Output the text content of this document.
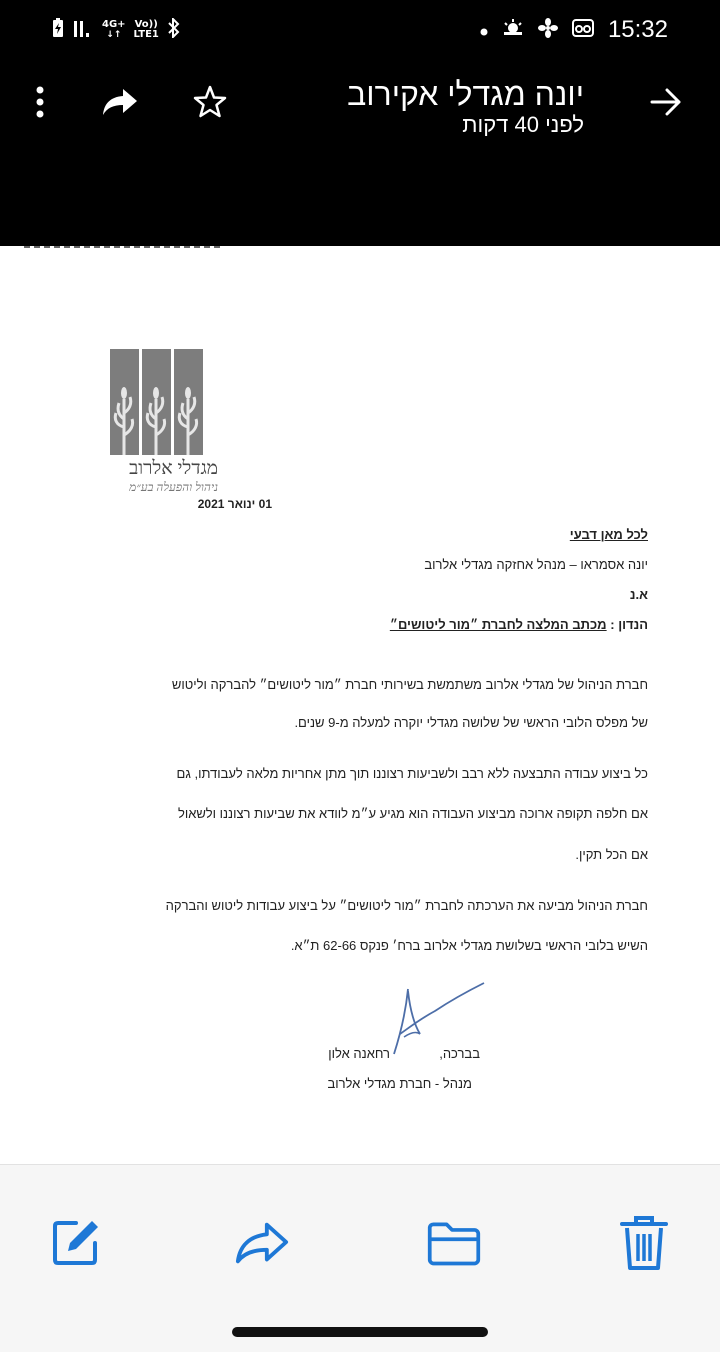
4G+
↓↑
Vo))
LTE1	15:32
יונה מגדלי אקירוב
לפני 40 דקות
מגדלי אלרוב
ניהול והפעלה בע״מ
01 ינואר 2021
לכל מאן דבעי
יונה אסמראו – מנהל אחזקה מגדלי אלרוב
א.נ
הנדון : מכתב המלצה לחברת ״מור ליטושים״
חברת הניהול של מגדלי אלרוב משתמשת בשירותי חברת ״מור ליטושים״ להברקה וליטוש
של מפלס הלובי הראשי של שלושה מגדלי יוקרה למעלה מ-9 שנים.
כל ביצוע עבודה התבצעה ללא רבב ולשביעות רצוננו תוך מתן אחריות מלאה לעבודתו, גם
אם חלפה תקופה ארוכה מביצוע העבודה הוא מגיע ע״מ לוודא את שביעות רצוננו ולשאול
אם הכל תקין.
חברת הניהול מביעה את הערכתה לחברת ״מור ליטושים״ על ביצוע עבודות ליטוש והברקה
השיש בלובי הראשי בשלושת מגדלי אלרוב ברח׳ פנקס 62-66 ת״א.
בברכה,
רחאנה אלון
מנהל - חברת מגדלי אלרוב
